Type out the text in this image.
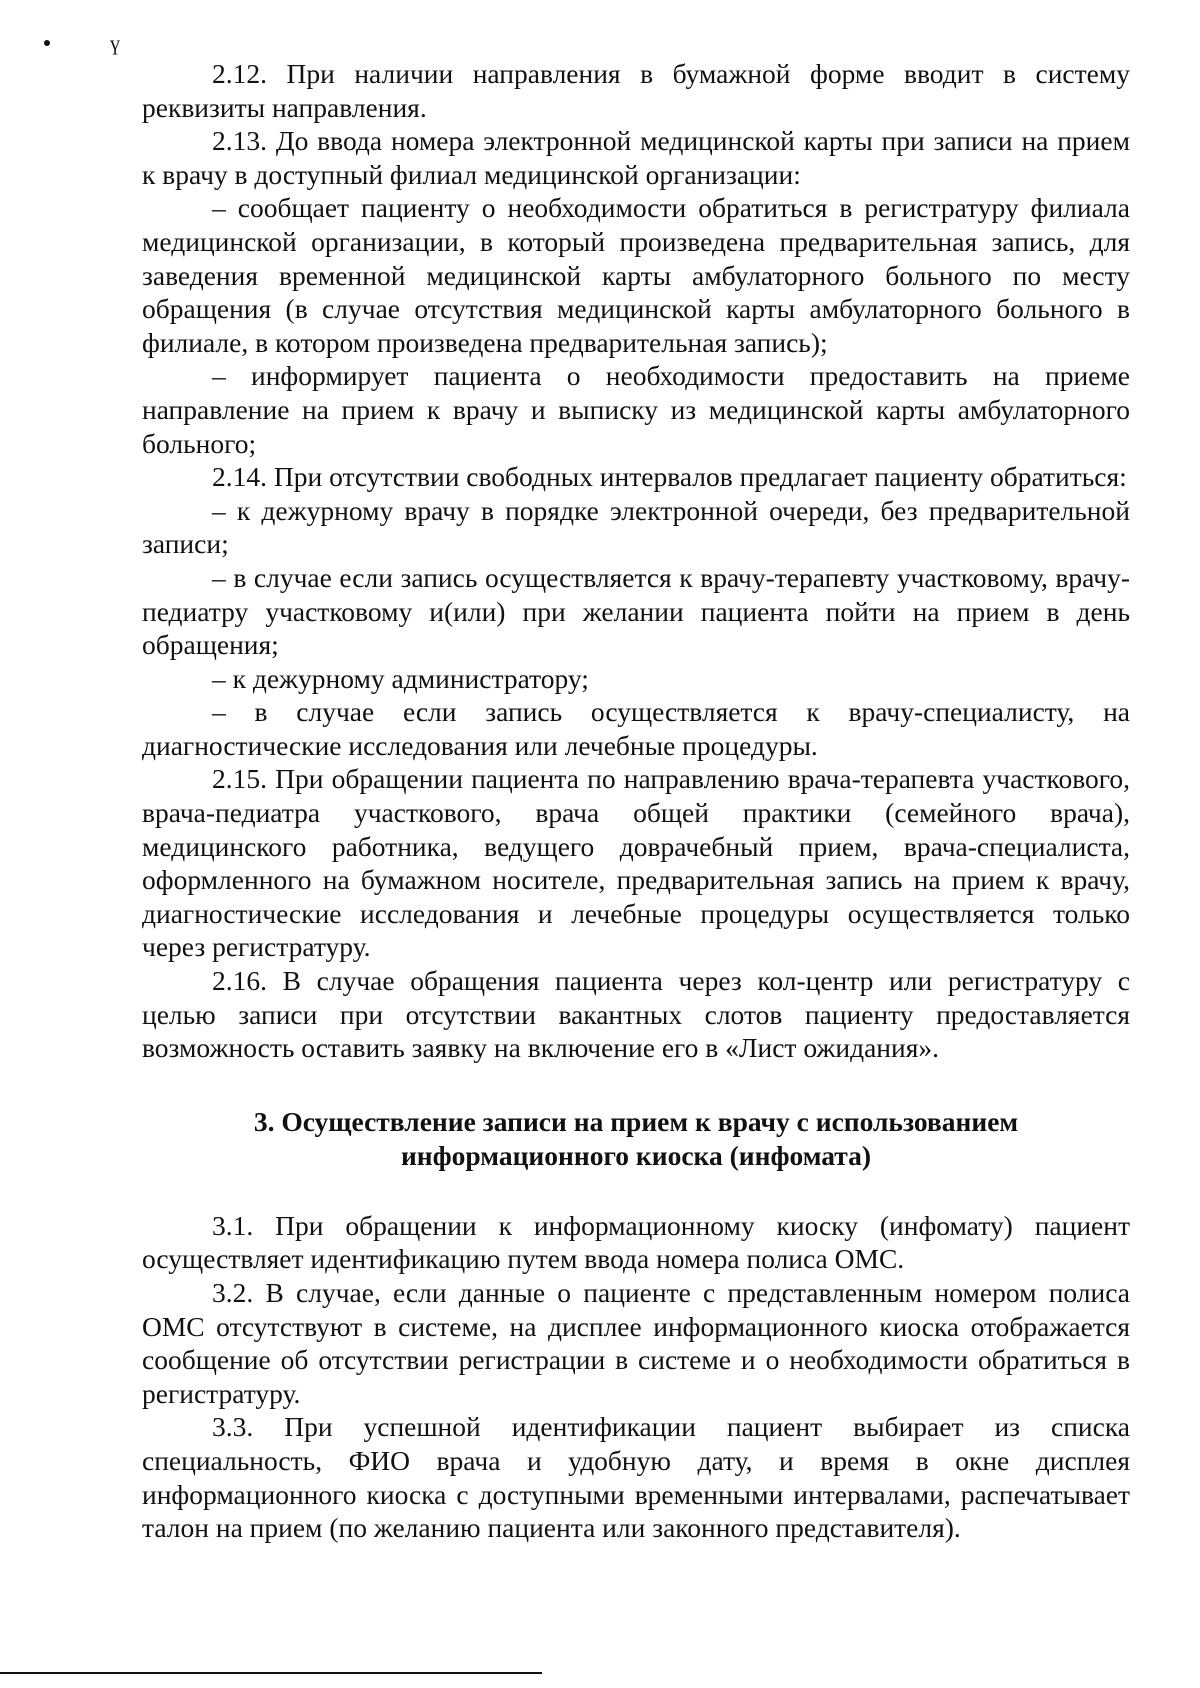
ү

2.12. При наличии направления в бумажной форме вводит в систему реквизиты направления.

2.13. До ввода номера электронной медицинской карты при записи на прием к врачу в доступный филиал медицинской организации:

– сообщает пациенту о необходимости обратиться в регистратуру филиала медицинской организации, в который произведена предварительная запись, для заведения временной медицинской карты амбулаторного больного по месту обращения (в случае отсутствия медицинской карты амбулаторного больного в филиале, в котором произведена предварительная запись);

– информирует пациента о необходимости предоставить на приеме направление на прием к врачу и выписку из медицинской карты амбулаторного больного;

2.14. При отсутствии свободных интервалов предлагает пациенту обратиться:

– к дежурному врачу в порядке электронной очереди, без предварительной записи;

– в случае если запись осуществляется к врачу-терапевту участковому, врачу-педиатру участковому и(или) при желании пациента пойти на прием в день обращения;

– к дежурному администратору;

– в случае если запись осуществляется к врачу-специалисту, на диагностические исследования или лечебные процедуры.

2.15. При обращении пациента по направлению врача-терапевта участкового, врача-педиатра участкового, врача общей практики (семейного врача), медицинского работника, ведущего доврачебный прием, врача-специалиста, оформленного на бумажном носителе, предварительная запись на прием к врачу, диагностические исследования и лечебные процедуры осуществляется только через регистратуру.

2.16. В случае обращения пациента через кол-центр или регистратуру с целью записи при отсутствии вакантных слотов пациенту предоставляется возможность оставить заявку на включение его в «Лист ожидания».

3. Осуществление записи на прием к врачу с использованием информационного киоска (инфомата)

3.1. При обращении к информационному киоску (инфомату) пациент осуществляет идентификацию путем ввода номера полиса ОМС.

3.2. В случае, если данные о пациенте с представленным номером полиса ОМС отсутствуют в системе, на дисплее информационного киоска отображается сообщение об отсутствии регистрации в системе и о необходимости обратиться в регистратуру.

3.3. При успешной идентификации пациент выбирает из списка специальность, ФИО врача и удобную дату, и время в окне дисплея информационного киоска с доступными временными интервалами, распечатывает талон на прием (по желанию пациента или законного представителя).
